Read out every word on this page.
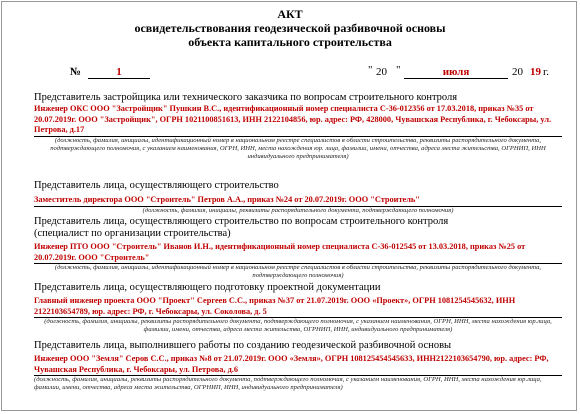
АКТ
освидетельствования геодезической разбивочной основы
объекта капитального строительства
№	1	" 20 "	июля	20 19 г.
Представитель застройщика или технического заказчика по вопросам строительного контроля
Инженер ОКС ООО "Застройщик" Пушкин В.С., идентификационный номер специалиста С-36-012356 от 17.03.2018, приказ №35 от 20.07.2019г. ООО "Застройщик", ОГРН 1021100851613, ИНН 2122104856, юр. адрес: РФ, 428000, Чувашская Республика, г. Чебоксары, ул. Петрова, д.17
(должность, фамилия, инициалы, идентификационный номер в национальном реестре специалистов в области строительства, реквизиты распорядительного документа, подтверждающего полномочия, с указанием наименования, ОГРН, ИНН, места нахождения юр. лица, фамилии, имени, отчества, адреса места жительства, ОГРНИП, ИНН индивидуального предпринимателя)
Представитель лица, осуществляющего строительство
Заместитель директора ООО "Строитель" Петров А.А., приказ №24 от 20.07.2019г. ООО "Строитель"
(должность, фамилия, инициалы, реквизиты распорядительного документа, подтверждающего полномочия)
Представитель лица, осуществляющего строительство по вопросам строительного контроля
(специалист по организации строительства)
Инженер ПТО ООО "Строитель" Иванов И.Н., идентификационный номер специалиста С-36-012545 от 13.03.2018, приказ №25 от 20.07.2019г. ООО "Строитель"
(должность, фамилия, инициалы, идентификационный номер в национальном реестре специалистов в области строительства, реквизиты распорядительного документа, подтверждающего полномочия)
Представитель лица, осуществляющего подготовку проектной документации
Главный инженер проекта ООО "Проект" Сергеев С.С., приказ №37 от 21.07.2019г. ООО «Проект», ОГРН 1081254545632, ИНН 2122103654789, юр. адрес: РФ, г. Чебоксары, ул. Соколова, д. 5
(должность, фамилия, инициалы, реквизиты распорядительного документа, подтверждающего полномочия, с указанием наименования, ОГРН, ИНН, места нахождения юр.лица, фамилии, имени, отчества, адреса места жительства, ОГРНИП, ИНН, индивидуального предпринимателя)
Представитель лица, выполнившего работы по созданию геодезической разбивочной основы
Инженер ООО "Земля" Серов С.С., приказ №8 от 21.07.2019г. ООО «Земля», ОГРН 108125454545633, ИНН2122103654790, юр. адрес: РФ, Чувашская Республика, г. Чебоксары, ул. Петрова, д.6
(должность, фамилия, инициалы, реквизиты распорядительного документа, подтверждающего полномочия, с указанием наименования, ОГРН, ИНН, места нахождения юр.лица, фамилии, имени, отчества, адреса места жительства, ОГРНИП, ИНН, индивидуального предпринимателя)
